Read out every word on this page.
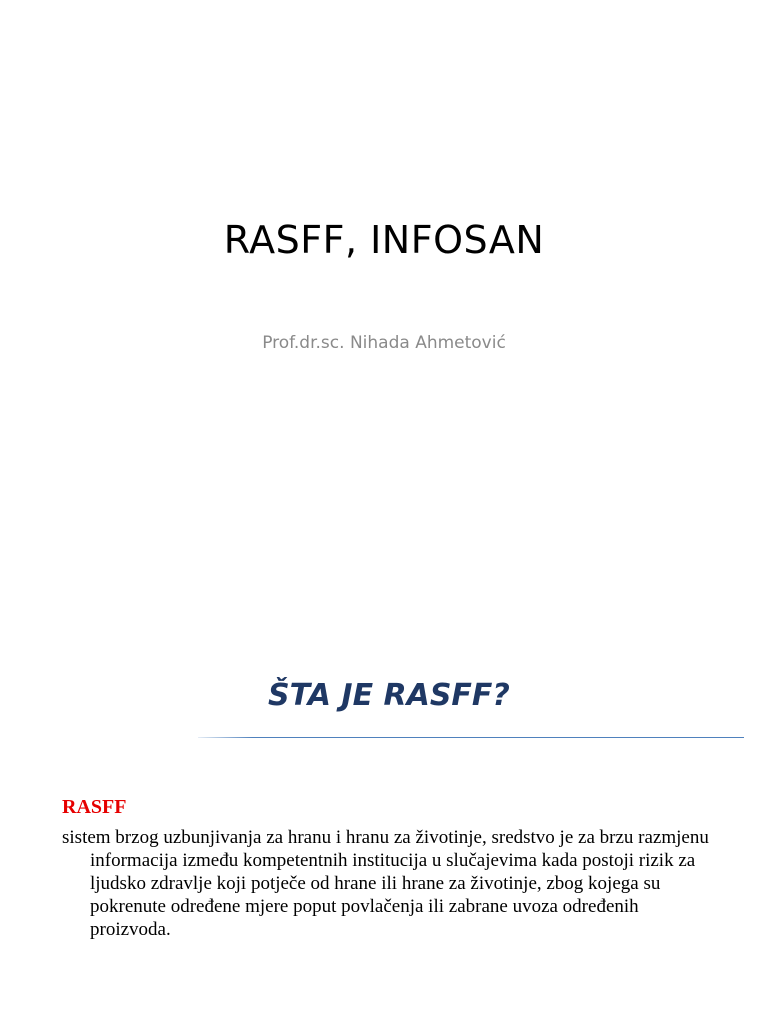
RASFF, INFOSAN
Prof.dr.sc. Nihada Ahmetović
ŠTA JE RASFF?
RASFF
sistem brzog uzbunjivanja za hranu i hranu za životinje, sredstvo je za brzu razmjenu informacija između kompetentnih institucija u slučajevima kada postoji rizik za ljudsko zdravlje koji potječe od hrane ili hrane za životinje, zbog kojega su pokrenute određene mjere poput povlačenja ili zabrane uvoza određenih proizvoda.
